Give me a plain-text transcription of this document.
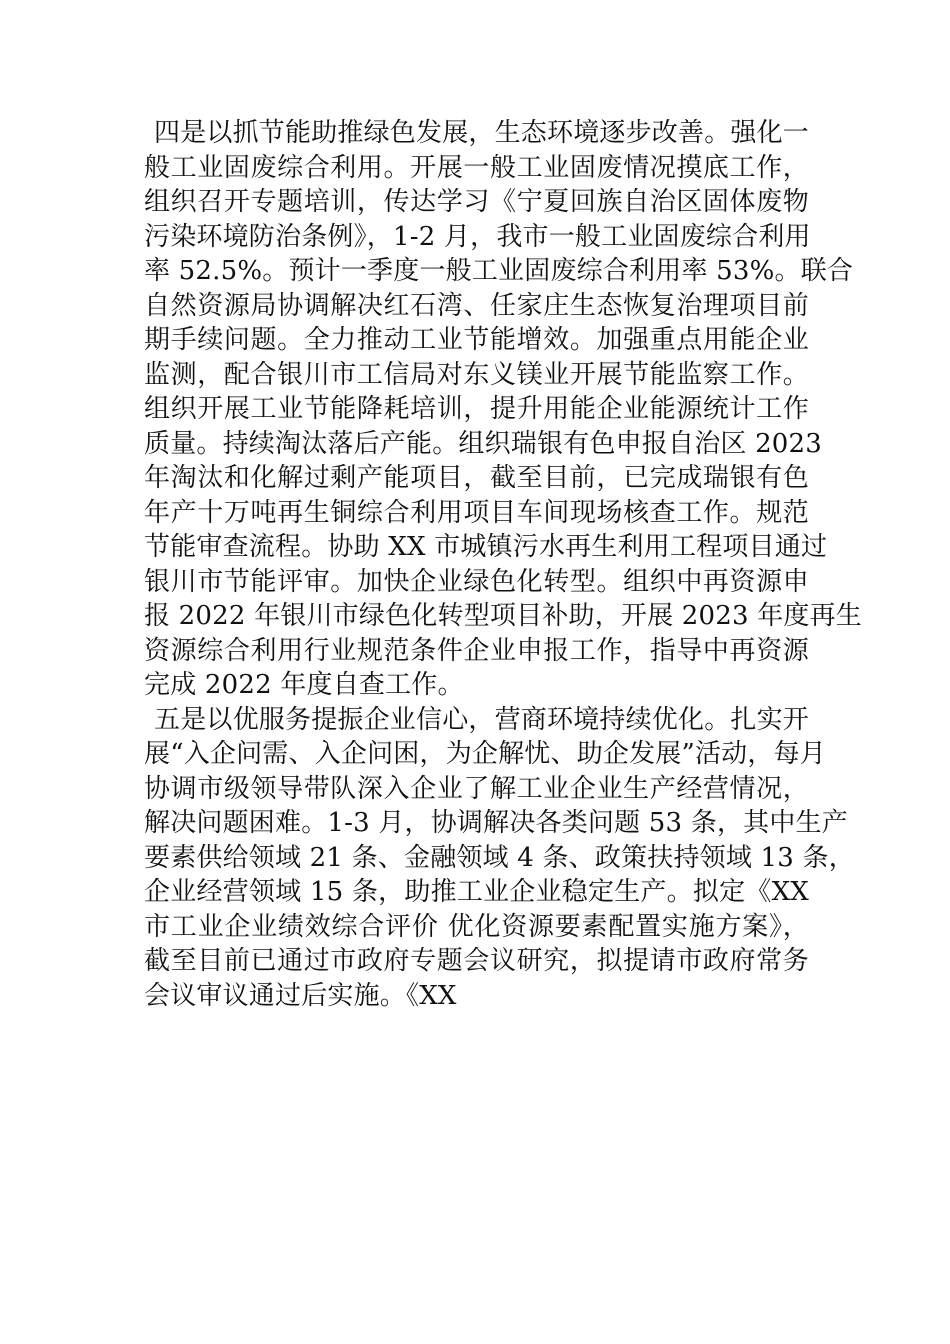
四是以抓节能助推绿色发展，生态环境逐步改善。强化一
般工业固废综合利用。开展一般工业固废情况摸底工作，
组织召开专题培训，传达学习《宁夏回族自治区固体废物
污染环境防治条例》，1-2 月，我市一般工业固废综合利用
率 52.5%。预计一季度一般工业固废综合利用率 53%。联合
自然资源局协调解决红石湾、任家庄生态恢复治理项目前
期手续问题。全力推动工业节能增效。加强重点用能企业
监测，配合银川市工信局对东义镁业开展节能监察工作。
组织开展工业节能降耗培训，提升用能企业能源统计工作
质量。持续淘汰落后产能。组织瑞银有色申报自治区 2023
年淘汰和化解过剩产能项目，截至目前，已完成瑞银有色
年产十万吨再生铜综合利用项目车间现场核查工作。规范
节能审查流程。协助 XX 市城镇污水再生利用工程项目通过
银川市节能评审。加快企业绿色化转型。组织中再资源申
报 2022 年银川市绿色化转型项目补助，开展 2023 年度再生
资源综合利用行业规范条件企业申报工作，指导中再资源
完成 2022 年度自查工作。
五是以优服务提振企业信心，营商环境持续优化。扎实开
展“入企问需、入企问困，为企解忧、助企发展”活动，每月
协调市级领导带队深入企业了解工业企业生产经营情况，
解决问题困难。1-3 月，协调解决各类问题 53 条，其中生产
要素供给领域 21 条、金融领域 4 条、政策扶持领域 13 条，
企业经营领域 15 条，助推工业企业稳定生产。拟定《XX
市工业企业绩效综合评价 优化资源要素配置实施方案》，
截至目前已通过市政府专题会议研究，拟提请市政府常务
会议审议通过后实施。《XX
